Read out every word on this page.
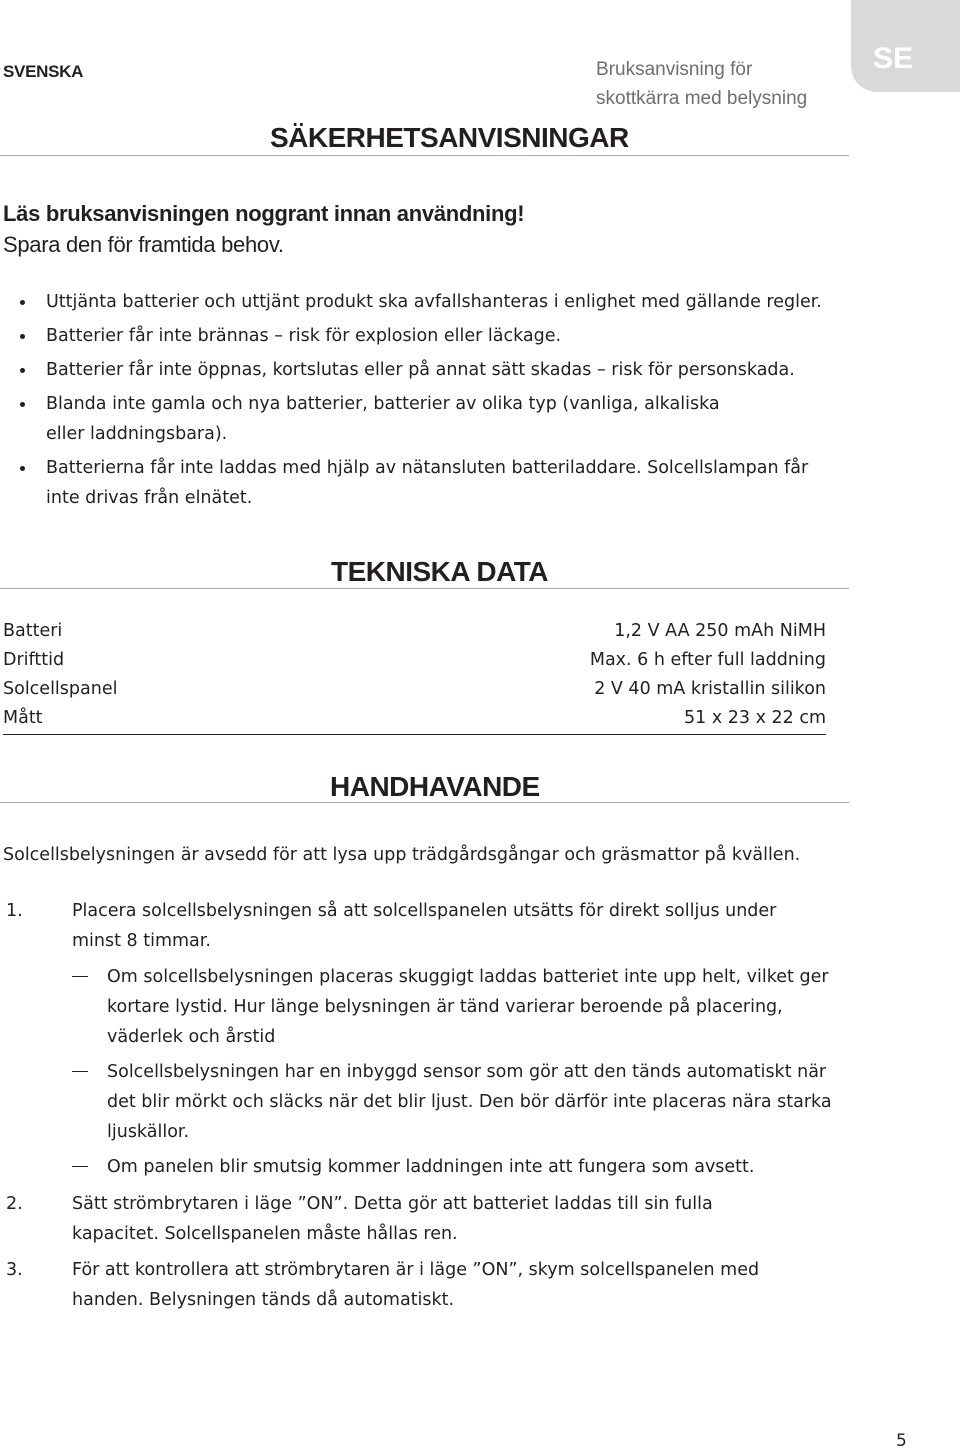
SVENSKA	Bruksanvisning för
skottkärra med belysning
SE
SÄKERHETSANVISNINGAR
Läs bruksanvisningen noggrant innan användning!
Spara den för framtida behov.
Uttjänta batterier och uttjänt produkt ska avfallshanteras i enlighet med gällande regler.
Batterier får inte brännas – risk för explosion eller läckage.
Batterier får inte öppnas, kortslutas eller på annat sätt skadas – risk för personskada.
Blanda inte gamla och nya batterier, batterier av olika typ (vanliga, alkaliska eller laddningsbara).
Batterierna får inte laddas med hjälp av nätansluten batteriladdare. Solcellslampan får inte drivas från elnätet.
TEKNISKA DATA
Batteri	1,2 V AA 250 mAh NiMH
Drifttid	Max. 6 h efter full laddning
Solcellspanel	2 V 40 mA kristallin silikon
Mått	51 x 23 x 22 cm
HANDHAVANDE
Solcellsbelysningen är avsedd för att lysa upp trädgårdsgångar och gräsmattor på kvällen.
1.	Placera solcellsbelysningen så att solcellspanelen utsätts för direkt solljus under minst 8 timmar.
Om solcellsbelysningen placeras skuggigt laddas batteriet inte upp helt, vilket ger kortare lystid. Hur länge belysningen är tänd varierar beroende på placering, väderlek och årstid
Solcellsbelysningen har en inbyggd sensor som gör att den tänds automatiskt när det blir mörkt och släcks när det blir ljust. Den bör därför inte placeras nära starka ljuskällor.
Om panelen blir smutsig kommer laddningen inte att fungera som avsett.
2.	Sätt strömbrytaren i läge ”ON”. Detta gör att batteriet laddas till sin fulla kapacitet. Solcellspanelen måste hållas ren.
3.	För att kontrollera att strömbrytaren är i läge ”ON”, skym solcellspanelen med handen. Belysningen tänds då automatiskt.
5
